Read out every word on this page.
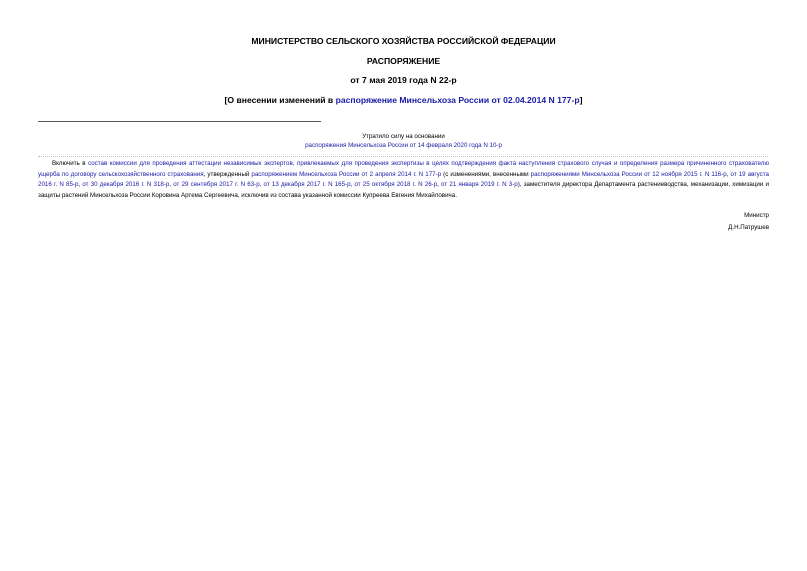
МИНИСТЕРСТВО СЕЛЬСКОГО ХОЗЯЙСТВА РОССИЙСКОЙ ФЕДЕРАЦИИ
РАСПОРЯЖЕНИЕ
от 7 мая 2019 года N 22-р
[О внесении изменений в распоряжение Минсельхоза России от 02.04.2014 N 177-р]
Утратило силу на основании
распоряжения Минсельхоза России от 14 февраля 2020 года N 10-р

Включить в состав комиссии для проведения аттестации независимых экспертов, привлекаемых для проведения экспертизы в целях подтверждения факта наступления страхового случая и определения размера причиненного страхователю ущерба по договору сельскохозяйственного страхования, утвержденный распоряжением Минсельхоза России от 2 апреля 2014 г. N 177-р (с изменениями, внесенными распоряжениями Минсельхоза России от 12 ноября 2015 г. N 116-р, от 19 августа 2016 г. N 85-р, от 30 декабря 2016 г. N 318-р, от 29 сентября 2017 г. N 63-р, от 13 декабря 2017 г. N 165-р, от 25 октября 2018 г. N 26-р, от 21 января 2019 г. N 3-р), заместителя директора Департамента растениеводства, механизации, химизации и защиты растений Минсельхоза России Коровина Артема Сергеевича, исключив из состава указанной комиссии Купреева Евгения Михайловича.

Министр
Д.Н.Патрушев
